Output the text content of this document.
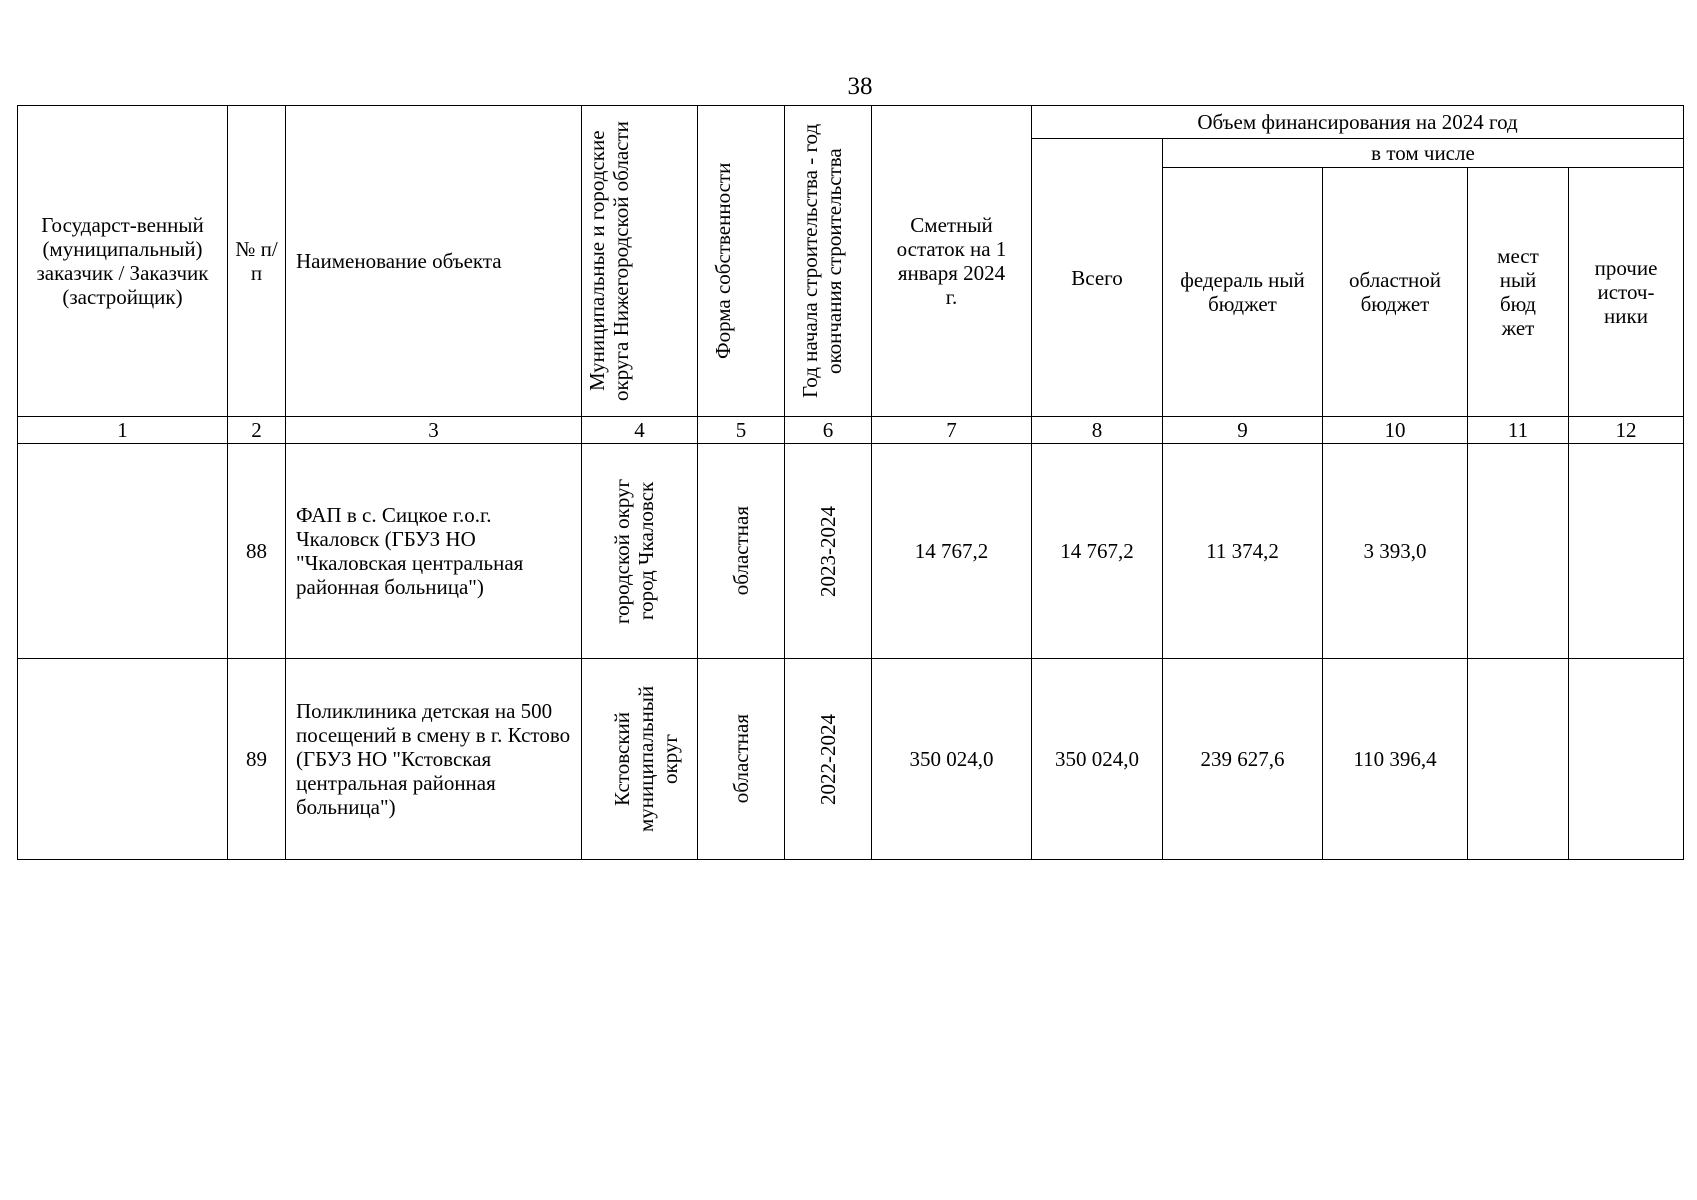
38
Государст-венный (муниципальный) заказчик / Заказчик (застройщик)	№ п/п	Наименование объекта	Муниципальные и городские округа Нижегородской области	Форма собственности	Год начала строительства - год окончания строительства	Сметный остаток на 1 января 2024 г.	Объем финансирования на 2024 год				
							Всего	в том числе			
								федераль ный бюджет	областной бюджет	мест ный бюд жет	прочие источ-ники
1	2	3	4	5	6	7	8	9	10	11	12
	88	ФАП в с. Сицкое г.о.г. Чкаловск (ГБУЗ НО "Чкаловская центральная районная больница")	городской округ город Чкаловск	областная	2023-2024	14 767,2	14 767,2	11 374,2	3 393,0		
	89	Поликлиника детская на 500 посещений в смену в г. Кстово (ГБУЗ НО "Кстовская центральная районная больница")	Кстовский муниципальный округ	областная	2022-2024	350 024,0	350 024,0	239 627,6	110 396,4		
